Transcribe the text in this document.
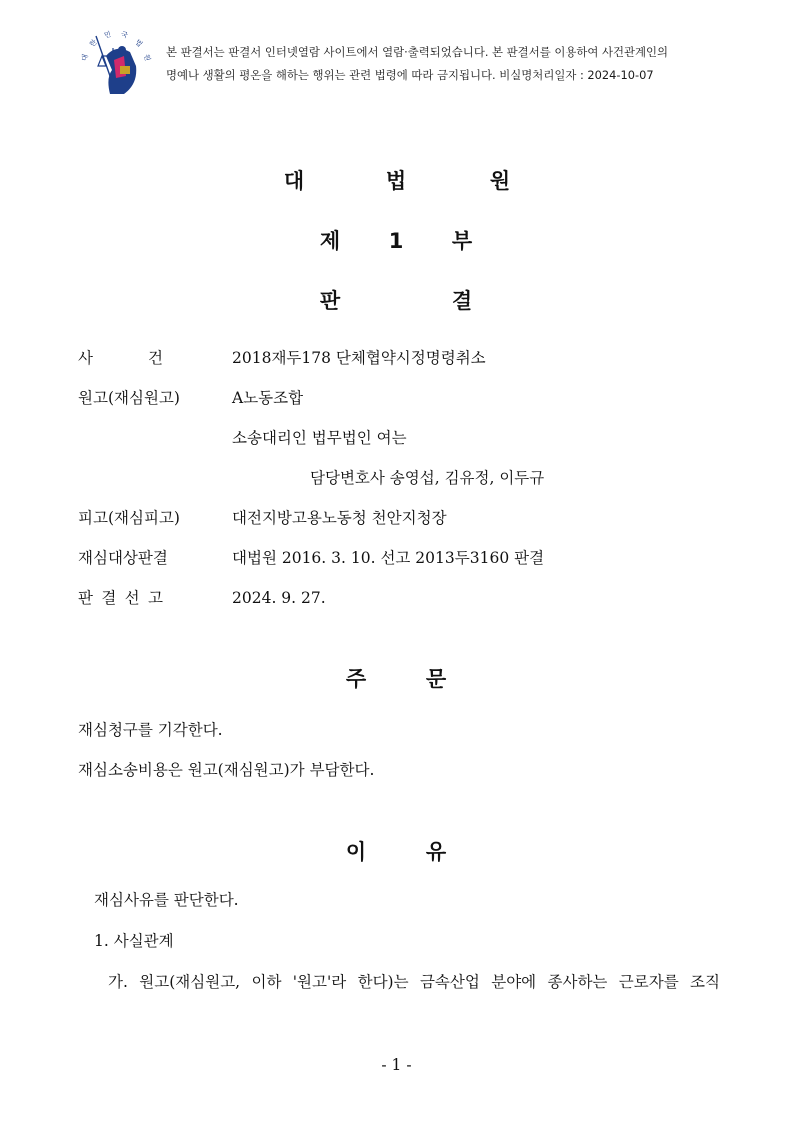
대
한
민 국
법
원 본 판결서는 판결서 인터넷열람 사이트에서 열람·출력되었습니다. 본 판결서를 이용하여 사건관계인의
명예나 생활의 평온을 해하는 행위는 관련 법령에 따라 금지됩니다. 비실명처리일자 : 2024-10-07
대	법	원
제 1 부
판	결
사	건	2018재두178 단체협약시정명령취소
원고(재심원고)	A노동조합
소송대리인 법무법인 여는
담당변호사 송영섭, 김유정, 이두규
피고(재심피고)	대전지방고용노동청 천안지청장
재심대상판결	대법원 2016. 3. 10. 선고 2013두3160 판결
판 결 선 고	2024. 9. 27.
주	문
재심청구를 기각한다.
재심소송비용은 원고(재심원고)가 부담한다.
이	유
재심사유를 판단한다.
1. 사실관계
가. 원고(재심원고, 이하 '원고'라 한다)는 금속산업 분야에 종사하는 근로자를 조직
- 1 -
